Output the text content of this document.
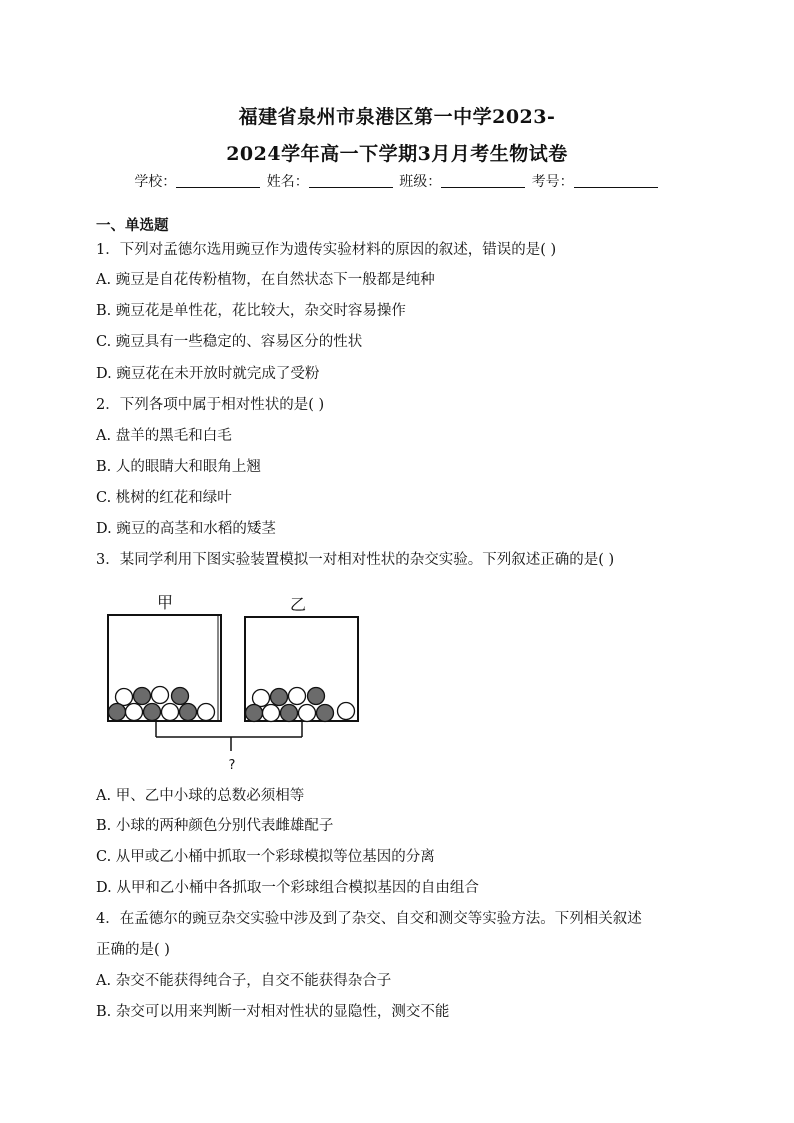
福建省泉州市泉港区第一中学2023-
2024学年高一下学期3月月考生物试卷
学校：	姓名：	班级：	考号：
一、单选题
1．下列对孟德尔选用豌豆作为遗传实验材料的原因的叙述，错误的是( )
A. 豌豆是自花传粉植物，在自然状态下一般都是纯种
B. 豌豆花是单性花，花比较大，杂交时容易操作
C. 豌豆具有一些稳定的、容易区分的性状
D. 豌豆花在未开放时就完成了受粉
2．下列各项中属于相对性状的是( )
A. 盘羊的黑毛和白毛
B. 人的眼睛大和眼角上翘
C. 桃树的红花和绿叶
D. 豌豆的高茎和水稻的矮茎
3．某同学利用下图实验装置模拟一对相对性状的杂交实验。下列叙述正确的是( )
甲	乙
?
A. 甲、乙中小球的总数必须相等
B. 小球的两种颜色分别代表雌雄配子
C. 从甲或乙小桶中抓取一个彩球模拟等位基因的分离
D. 从甲和乙小桶中各抓取一个彩球组合模拟基因的自由组合
4．在孟德尔的豌豆杂交实验中涉及到了杂交、自交和测交等实验方法。下列相关叙述
正确的是( )
A. 杂交不能获得纯合子，自交不能获得杂合子
B. 杂交可以用来判断一对相对性状的显隐性，测交不能
